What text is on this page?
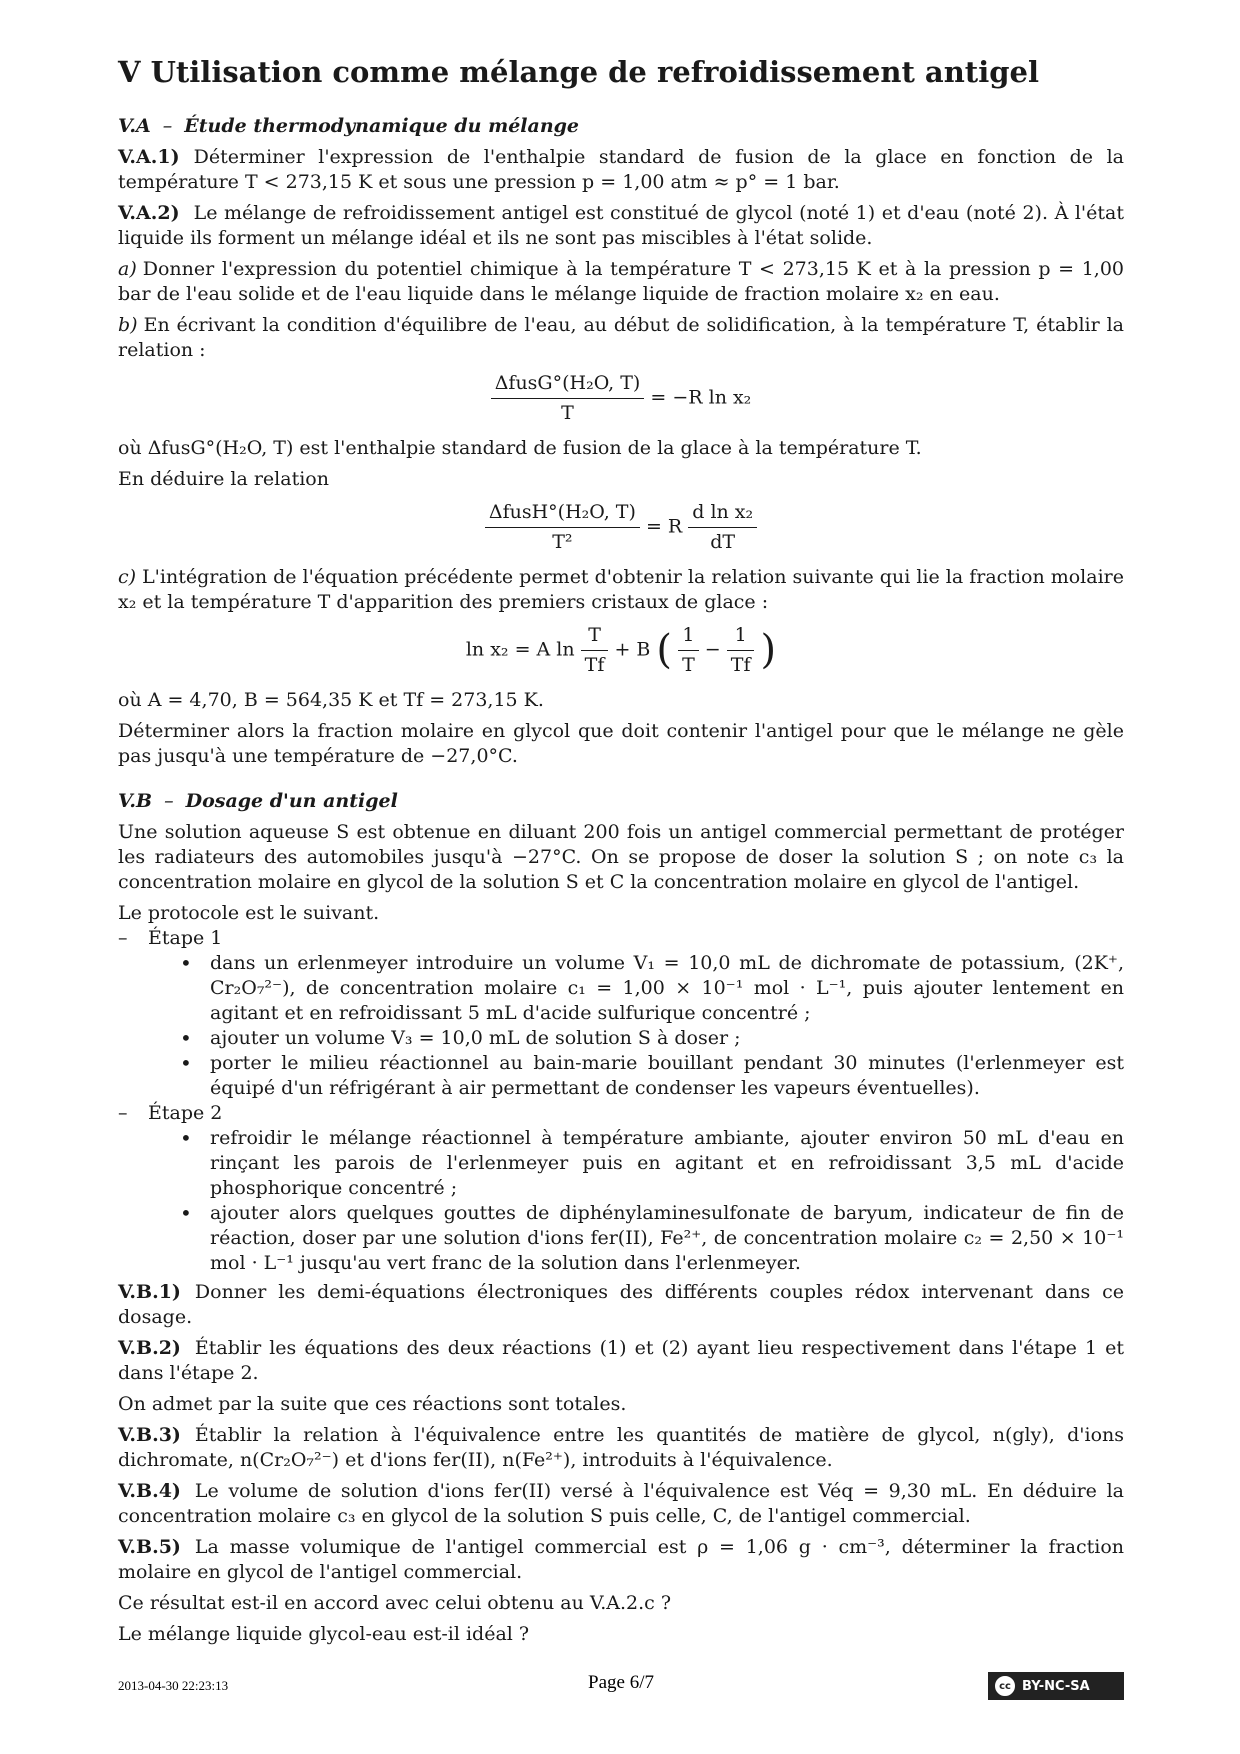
V Utilisation comme mélange de refroidissement antigel
V.A – Étude thermodynamique du mélange

V.A.1) Déterminer l'expression de l'enthalpie standard de fusion de la glace en fonction de la température T < 273,15 K et sous une pression p = 1,00 atm ≈ p° = 1 bar.

V.A.2) Le mélange de refroidissement antigel est constitué de glycol (noté 1) et d'eau (noté 2). À l'état liquide ils forment un mélange idéal et ils ne sont pas miscibles à l'état solide.

a) Donner l'expression du potentiel chimique à la température T < 273,15 K et à la pression p = 1,00 bar de l'eau solide et de l'eau liquide dans le mélange liquide de fraction molaire x₂ en eau.

b) En écrivant la condition d'équilibre de l'eau, au début de solidification, à la température T, établir la relation :

$\frac{\text{ΔfusG°(H₂O, T)}}{T} = -R$ ln x₂

où ΔfusG°(H₂O, T) est l'enthalpie standard de fusion de la glace à la température T.

En déduire la relation

$\frac{\text{ΔfusH°(H₂O, T)}}{\text{T²}} = R \frac{\text{d ln x₂}}{dT}$

c) L'intégration de l'équation précédente permet d'obtenir la relation suivante qui lie la fraction molaire x₂ et la température T d'apparition des premiers cristaux de glace :

ln x₂ = A $\ln \frac{T}{Tf} + B$ ( $\frac{1}{T} - \frac{1}{Tf}$ )

où A = 4,70, B = 564,35 K et Tf = 273,15 K.

Déterminer alors la fraction molaire en glycol que doit contenir l'antigel pour que le mélange ne gèle pas jusqu'à une température de −27,0°C.

V.B – Dosage d'un antigel

Une solution aqueuse S est obtenue en diluant 200 fois un antigel commercial permettant de protéger les radiateurs des automobiles jusqu'à −27°C. On se propose de doser la solution S ; on note c₃ la concentration molaire en glycol de la solution S et C la concentration molaire en glycol de l'antigel.

Le protocole est le suivant.

– Étape 1
• dans un erlenmeyer introduire un volume V₁ = 10,0 mL de dichromate de potassium, (2K⁺, Cr₂O₇²⁻), de concentration molaire c₁ = 1,00 × 10⁻¹ mol · L⁻¹, puis ajouter lentement en agitant et en refroidissant 5 mL d'acide sulfurique concentré ;
• ajouter un volume V₃ = 10,0 mL de solution S à doser ;
• porter le milieu réactionnel au bain-marie bouillant pendant 30 minutes (l'erlenmeyer est équipé d'un réfrigérant à air permettant de condenser les vapeurs éventuelles).
– Étape 2
• refroidir le mélange réactionnel à température ambiante, ajouter environ 50 mL d'eau en rinçant les parois de l'erlenmeyer puis en agitant et en refroidissant 3,5 mL d'acide phosphorique concentré ;
• ajouter alors quelques gouttes de diphénylaminesulfonate de baryum, indicateur de fin de réaction, doser par une solution d'ions fer(II), Fe²⁺, de concentration molaire c₂ = 2,50 × 10⁻¹ mol · L⁻¹ jusqu'au vert franc de la solution dans l'erlenmeyer.

V.B.1) Donner les demi-équations électroniques des différents couples rédox intervenant dans ce dosage.

V.B.2) Établir les équations des deux réactions (1) et (2) ayant lieu respectivement dans l'étape 1 et dans l'étape 2.

On admet par la suite que ces réactions sont totales.

V.B.3) Établir la relation à l'équivalence entre les quantités de matière de glycol, n(gly), d'ions dichromate, n(Cr₂O₇²⁻) et d'ions fer(II), n(Fe²⁺), introduits à l'équivalence.

V.B.4) Le volume de solution d'ions fer(II) versé à l'équivalence est Véq = 9,30 mL. En déduire la concentration molaire c₃ en glycol de la solution S puis celle, C, de l'antigel commercial.

V.B.5) La masse volumique de l'antigel commercial est ρ = 1,06 g · cm⁻³, déterminer la fraction molaire en glycol de l'antigel commercial.

Ce résultat est-il en accord avec celui obtenu au V.A.2.c ?

Le mélange liquide glycol-eau est-il idéal ?

2013-04-30 22:23:13	Page 6/7	cc BY-NC-SA
